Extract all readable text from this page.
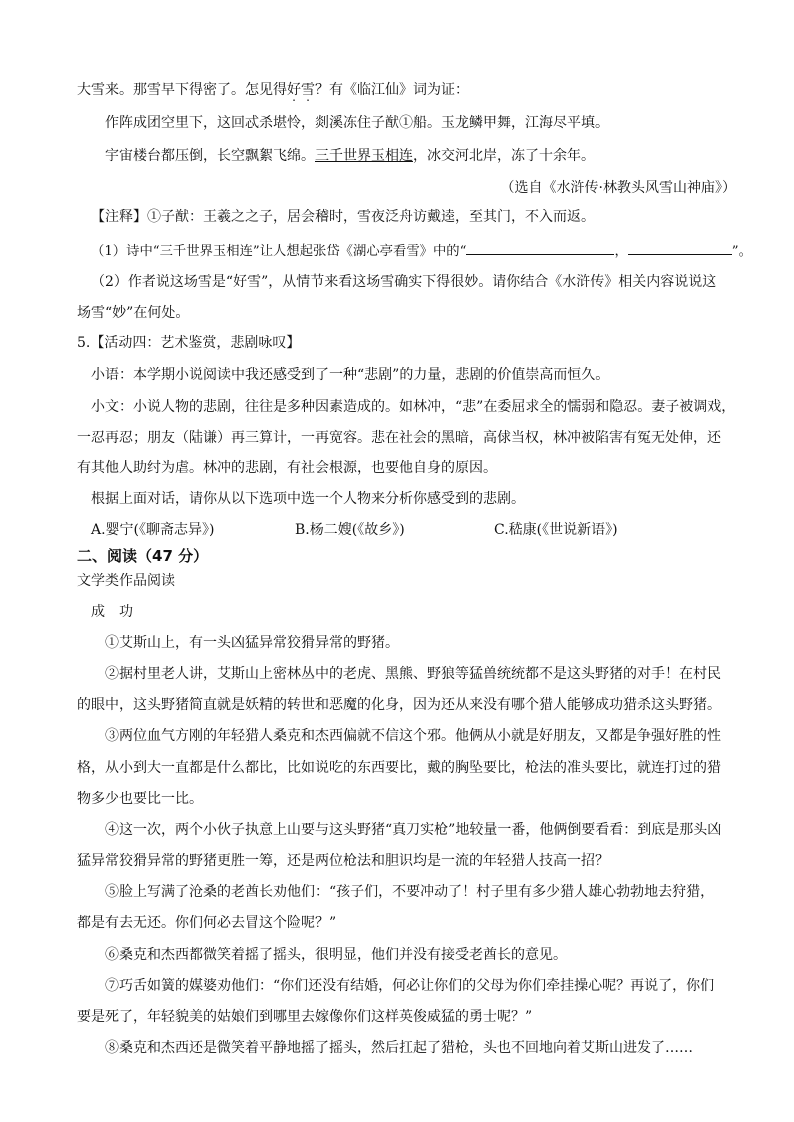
大雪来。那雪早下得密了。怎见得好雪？有《临江仙》词为证：
作阵成团空里下，这回忒杀堪怜，剡溪冻住子猷①船。玉龙鳞甲舞，江海尽平填。
宇宙楼台都压倒，长空飘絮飞绵。三千世界玉相连，冰交河北岸，冻了十余年。
（选自《水浒传·林教头风雪山神庙》）
【注释】①子猷：王羲之之子，居会稽时，雪夜泛舟访戴逵，至其门，不入而返。
（1）诗中“三千世界玉相连”让人想起张岱《湖心亭看雪》中的“	，	”。
（2）作者说这场雪是“好雪”，从情节来看这场雪确实下得很妙。请你结合《水浒传》相关内容说说这
场雪“妙”在何处。
5.【活动四：艺术鉴赏，悲剧咏叹】
小语：本学期小说阅读中我还感受到了一种“悲剧”的力量，悲剧的价值崇高而恒久。
小文：小说人物的悲剧，往往是多种因素造成的。如林冲，“悲”在委屈求全的懦弱和隐忍。妻子被调戏，
一忍再忍；朋友（陆谦）再三算计，一再宽容。悲在社会的黑暗，高俅当权，林冲被陷害有冤无处伸，还
有其他人助纣为虐。林冲的悲剧，有社会根源，也要他自身的原因。
根据上面对话，请你从以下选项中选一个人物来分析你感受到的悲剧。
A.婴宁(《聊斋志异》)	B.杨二嫂(《故乡》)	C.嵇康(《世说新语》)
二、阅读（47 分）
文学类作品阅读
成　功
①艾斯山上，有一头凶猛异常狡猾异常的野猪。
②据村里老人讲，艾斯山上密林丛中的老虎、黑熊、野狼等猛兽统统都不是这头野猪的对手！在村民
的眼中，这头野猪简直就是妖精的转世和恶魔的化身，因为还从来没有哪个猎人能够成功猎杀这头野猪。
③两位血气方刚的年轻猎人桑克和杰西偏就不信这个邪。他俩从小就是好朋友，又都是争强好胜的性
格，从小到大一直都是什么都比，比如说吃的东西要比，戴的胸坠要比，枪法的准头要比，就连打过的猎
物多少也要比一比。
④这一次，两个小伙子执意上山要与这头野猪“真刀实枪”地较量一番，他俩倒要看看：到底是那头凶
猛异常狡猾异常的野猪更胜一筹，还是两位枪法和胆识均是一流的年轻猎人技高一招？
⑤脸上写满了沧桑的老酋长劝他们：“孩子们，不要冲动了！村子里有多少猎人雄心勃勃地去狩猎，
都是有去无还。你们何必去冒这个险呢？”
⑥桑克和杰西都微笑着摇了摇头，很明显，他们并没有接受老酋长的意见。
⑦巧舌如簧的媒婆劝他们：“你们还没有结婚，何必让你们的父母为你们牵挂操心呢？再说了，你们
要是死了，年轻貌美的姑娘们到哪里去嫁像你们这样英俊威猛的勇士呢？”
⑧桑克和杰西还是微笑着平静地摇了摇头，然后扛起了猎枪，头也不回地向着艾斯山进发了……
